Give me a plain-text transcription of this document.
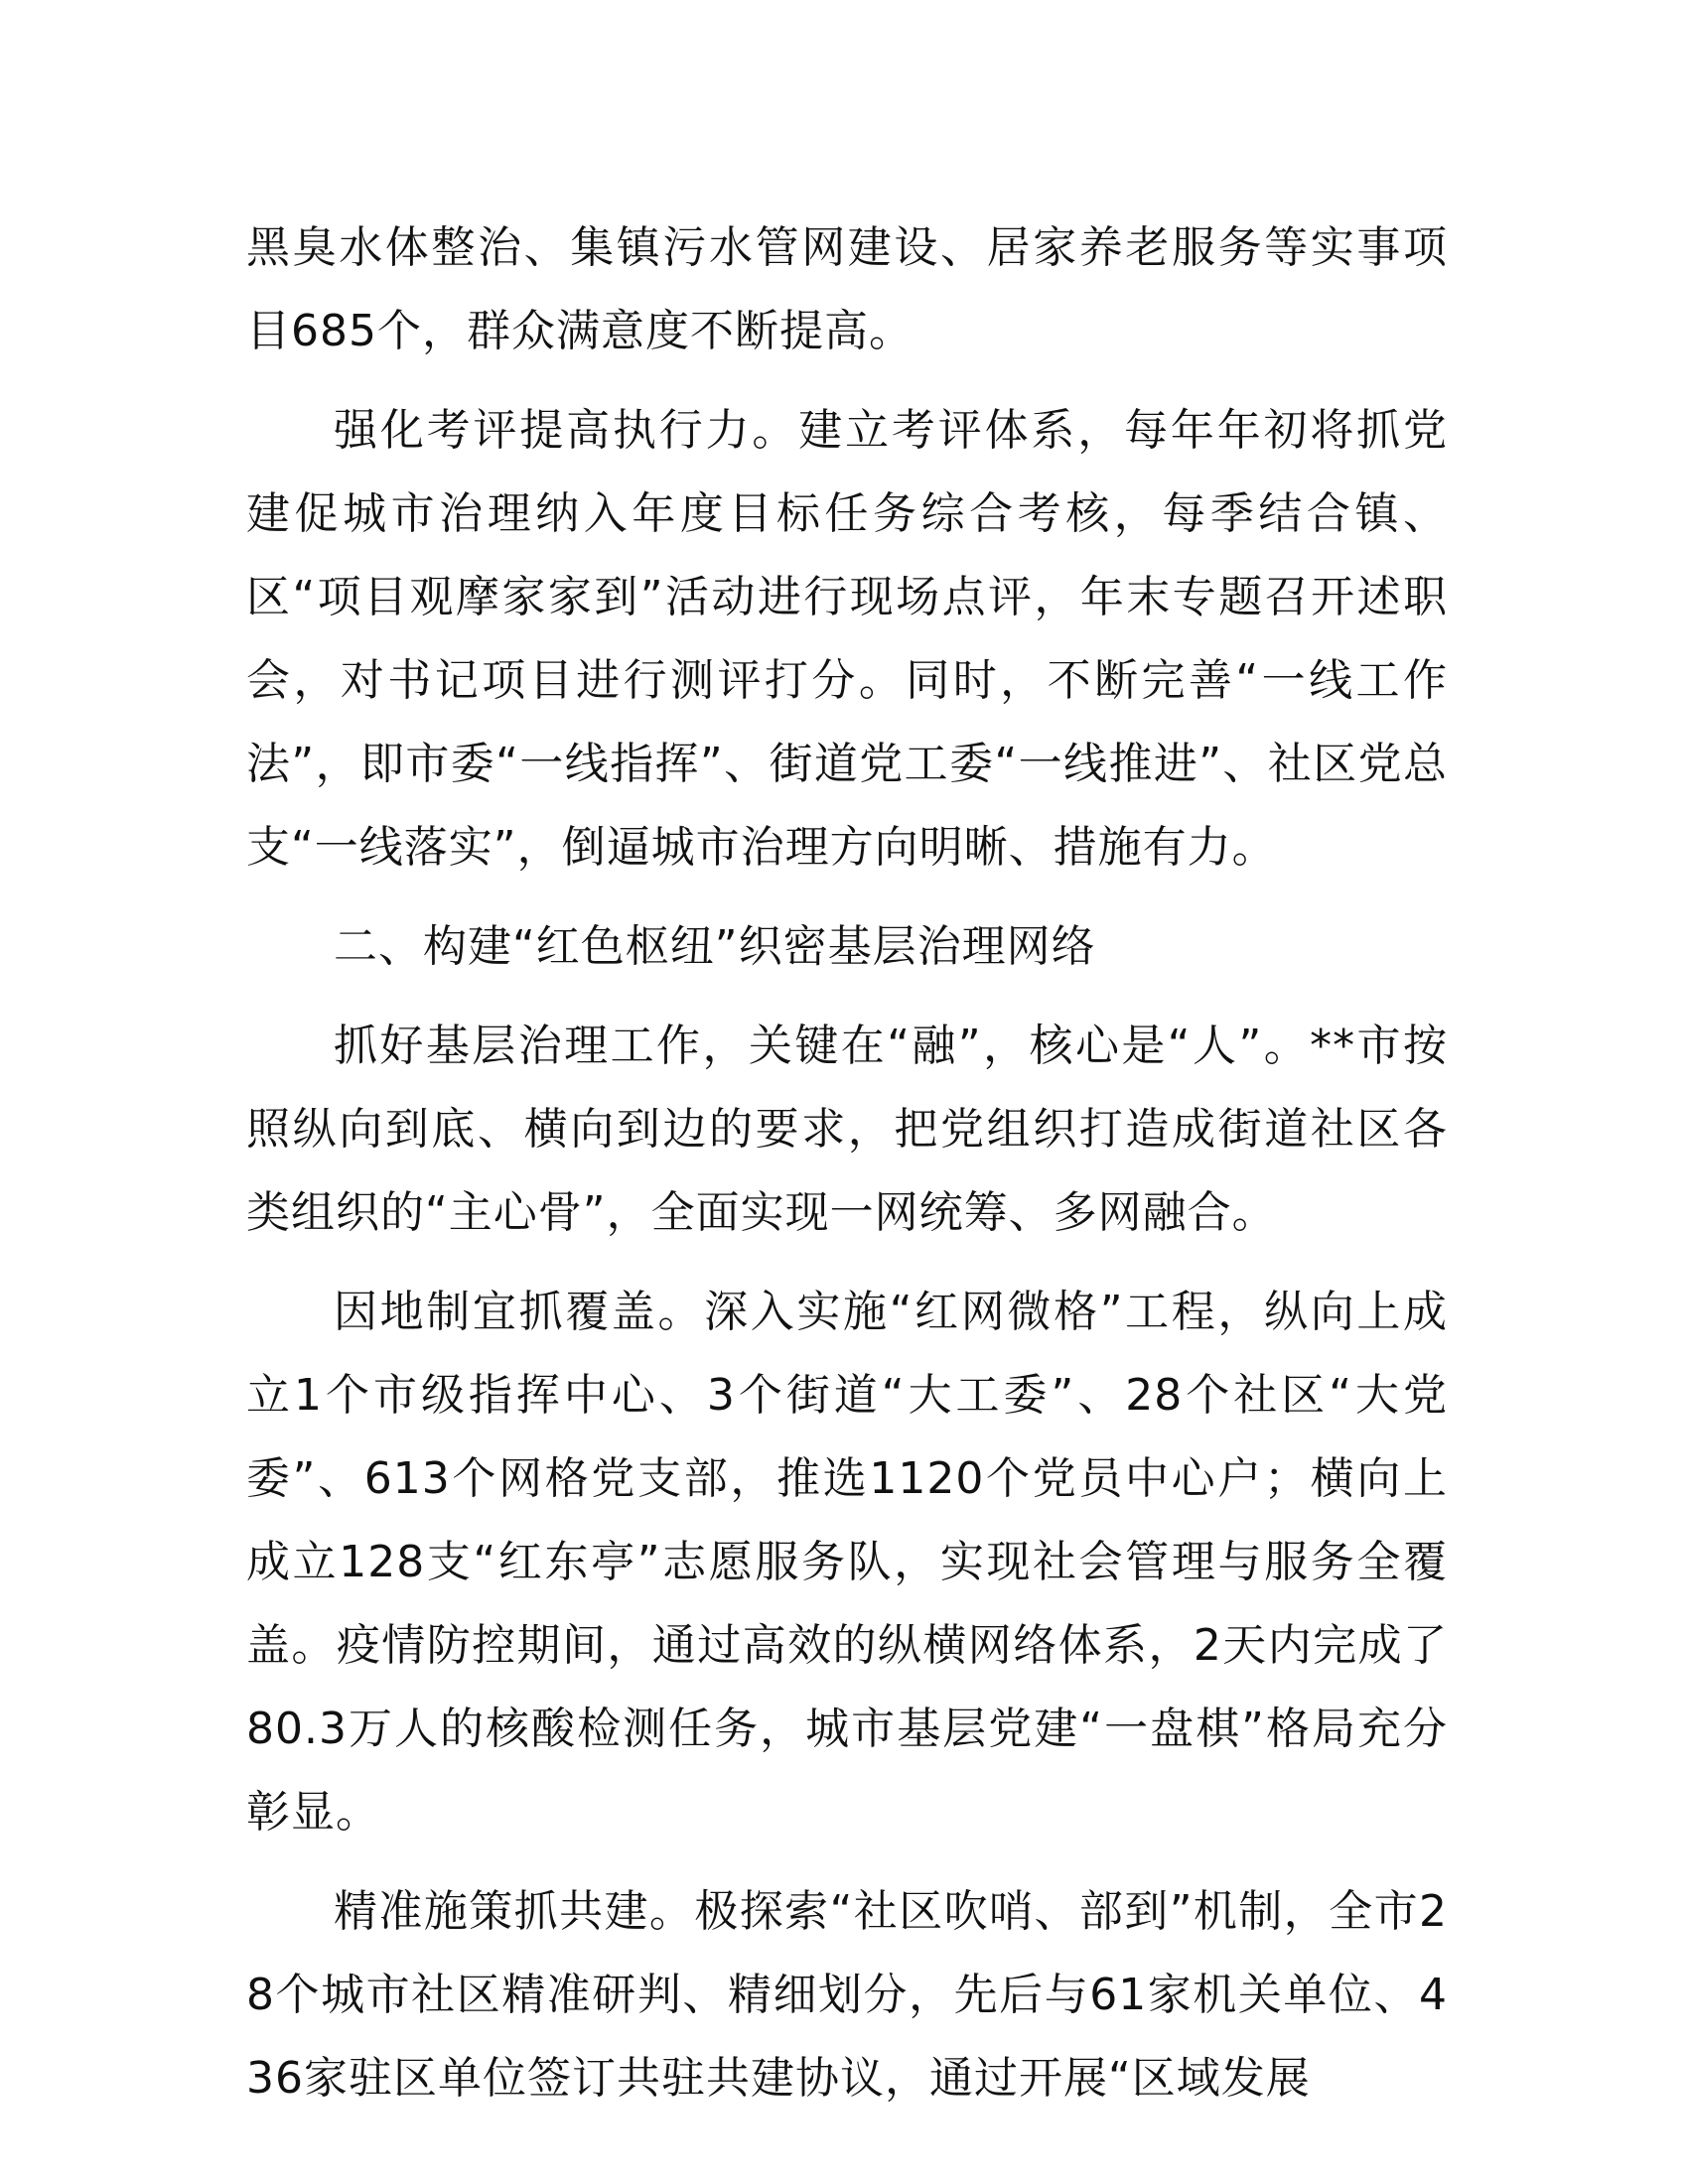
黑臭水体整治、集镇污水管网建设、居家养老服务等实事项目685个，群众满意度不断提高。

强化考评提高执行力。建立考评体系，每年年初将抓党建促城市治理纳入年度目标任务综合考核，每季结合镇、区“项目观摩家家到”活动进行现场点评，年末专题召开述职会，对书记项目进行测评打分。同时，不断完善“一线工作法”，即市委“一线指挥”、街道党工委“一线推进”、社区党总支“一线落实”，倒逼城市治理方向明晰、措施有力。

二、构建“红色枢纽”织密基层治理网络

抓好基层治理工作，关键在“融”，核心是“人”。**市按照纵向到底、横向到边的要求，把党组织打造成街道社区各类组织的“主心骨”，全面实现一网统筹、多网融合。

因地制宜抓覆盖。深入实施“红网微格”工程，纵向上成立1个市级指挥中心、3个街道“大工委”、28个社区“大党委”、613个网格党支部，推选1120个党员中心户；横向上成立128支“红东亭”志愿服务队，实现社会管理与服务全覆盖。疫情防控期间，通过高效的纵横网络体系，2天内完成了80.3万人的核酸检测任务，城市基层党建“一盘棋”格局充分彰显。

精准施策抓共建。极探索“社区吹哨、部到”机制，全市28个城市社区精准研判、精细划分，先后与61家机关单位、436家驻区单位签订共驻共建协议，通过开展“区域发展
